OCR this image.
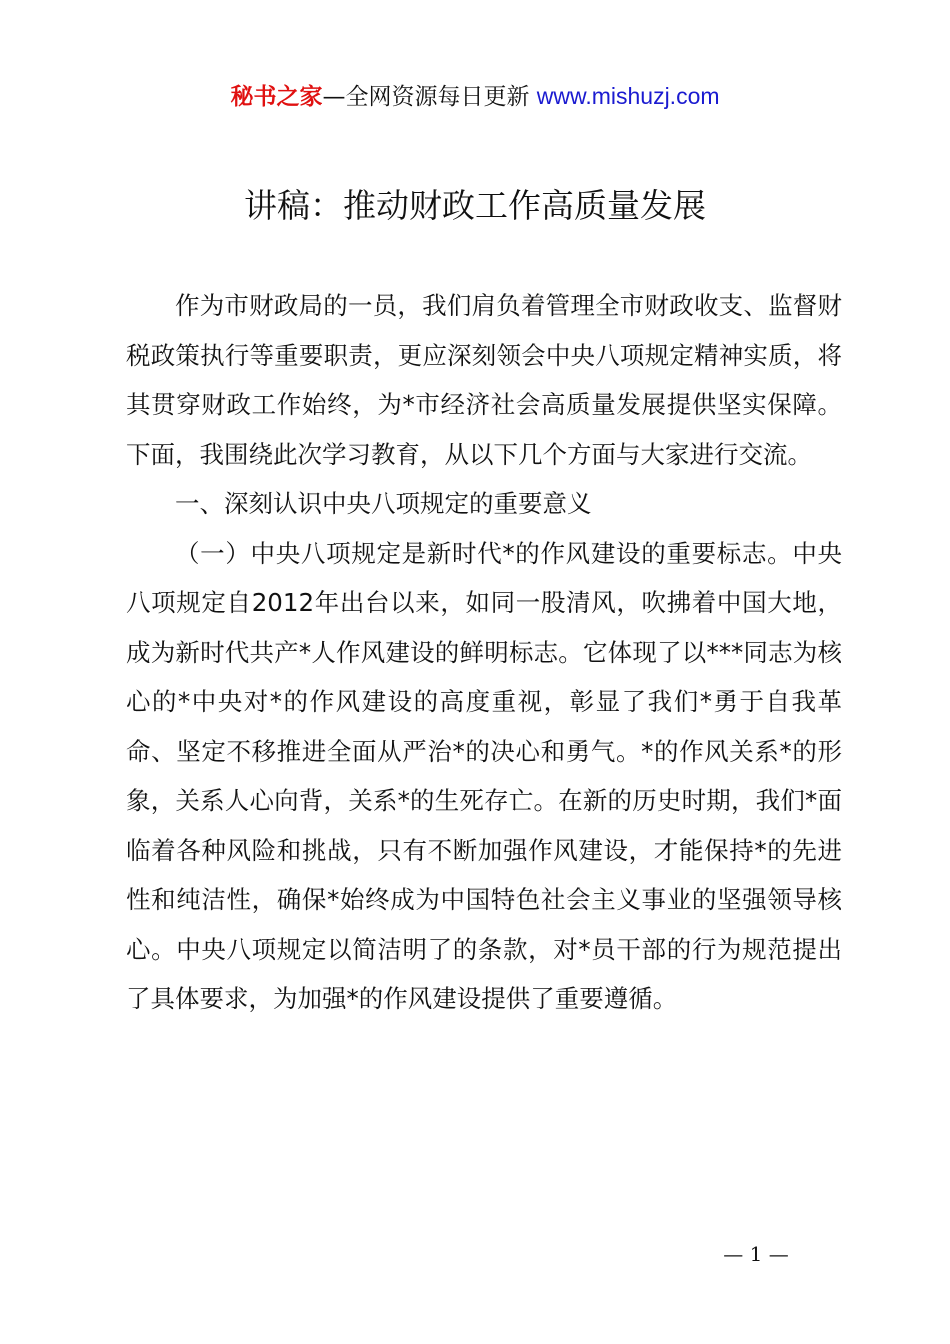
秘书之家—全网资源每日更新 www.mishuzj.com
讲稿：推动财政工作高质量发展

作为市财政局的一员，我们肩负着管理全市财政收支、监督财税政策执行等重要职责，更应深刻领会中央八项规定精神实质，将其贯穿财政工作始终，为*市经济社会高质量发展提供坚实保障。下面，我围绕此次学习教育，从以下几个方面与大家进行交流。

一、深刻认识中央八项规定的重要意义

（一）中央八项规定是新时代*的作风建设的重要标志。中央八项规定自2012年出台以来，如同一股清风，吹拂着中国大地，成为新时代共产*人作风建设的鲜明标志。它体现了以***同志为核心的*中央对*的作风建设的高度重视，彰显了我们*勇于自我革命、坚定不移推进全面从严治*的决心和勇气。*的作风关系*的形象，关系人心向背，关系*的生死存亡。在新的历史时期，我们*面临着各种风险和挑战，只有不断加强作风建设，才能保持*的先进性和纯洁性，确保*始终成为中国特色社会主义事业的坚强领导核心。中央八项规定以简洁明了的条款，对*员干部的行为规范提出了具体要求，为加强*的作风建设提供了重要遵循。

— 1 —
